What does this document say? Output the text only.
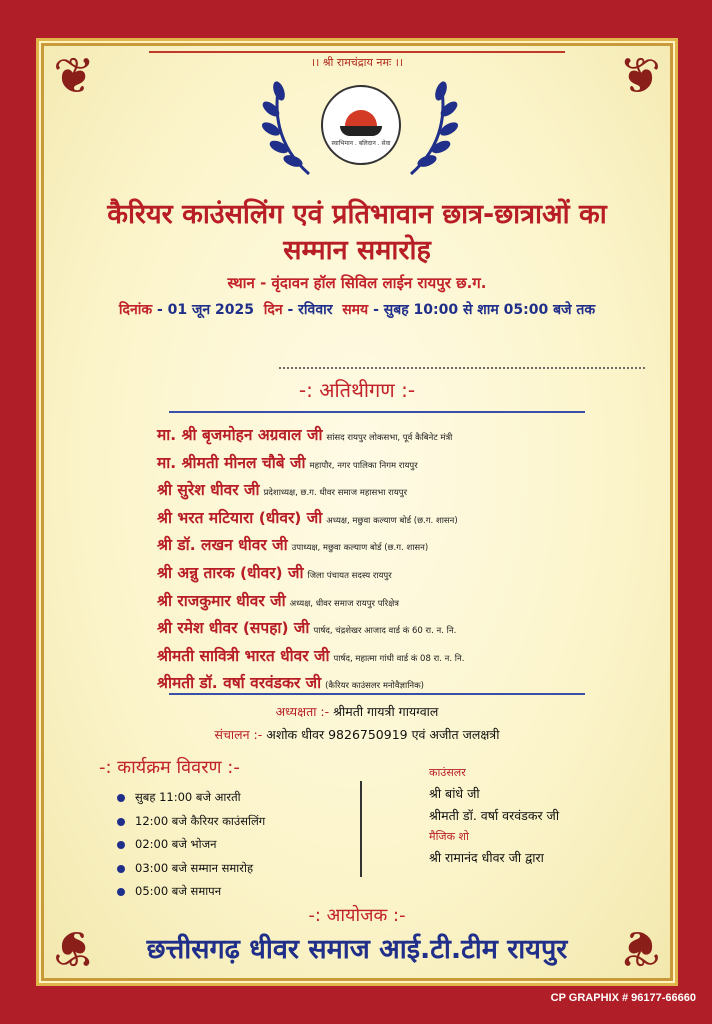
❦	❦
❦	❦
।। श्री रामचंद्राय नमः ।।
स्वाभिमान . बलिदान . सेवा
कैरियर काउंसलिंग एवं प्रतिभावान छात्र-छात्राओं का
सम्मान समारोह
स्थान - वृंदावन हॉल सिविल लाईन रायपुर छ.ग.
दिनांक - 01 जून 2025 दिन - रविवार समय - सुबह 10:00 से शाम 05:00 बजे तक
-: अतिथीगण :-
मा. श्री बृजमोहन अग्रवाल जी सांसद रायपुर लोकसभा, पूर्व कैबिनेट मंत्री
मा. श्रीमती मीनल चौबे जी महापौर, नगर पालिका निगम रायपुर
श्री सुरेश धीवर जी प्रदेशाध्यक्ष, छ.ग. धीवर समाज महासभा रायपुर
श्री भरत मटियारा (धीवर) जी अध्यक्ष, मछुवा कल्याण बोर्ड (छ.ग. शासन)
श्री डॉ. लखन धीवर जी उपाध्यक्ष, मछुवा कल्याण बोर्ड (छ.ग. शासन)
श्री अन्नु तारक (धीवर) जी जिला पंचायत सदस्य रायपुर
श्री राजकुमार धीवर जी अध्यक्ष, धीवर समाज रायपुर परिक्षेत्र
श्री रमेश धीवर (सपहा) जी पार्षद, चंद्रशेखर आजाद वार्ड कं 60 रा. न. नि.
श्रीमती सावित्री भारत धीवर जी पार्षद, महात्मा गांधी वार्ड कं 08 रा. न. नि.
श्रीमती डॉ. वर्षा वरवंडकर जी (कैरियर काउंसलर मनोवैज्ञानिक)
अध्यक्षता :- श्रीमती गायत्री गायग्वाल
संचालन :- अशोक धीवर 9826750919 एवं अजीत जलक्षत्री
-: कार्यक्रम विवरण :-
सुबह 11:00 बजे आरती
12:00 बजे कैरियर काउंसलिंग
02:00 बजे भोजन
03:00 बजे सम्मान समारोह
05:00 बजे समापन
काउंसलर
श्री बांधे जी
श्रीमती डॉ. वर्षा वरवंडकर जी
मैजिक शो
श्री रामानंद धीवर जी द्वारा
-: आयोजक :-
छत्तीसगढ़ धीवर समाज आई.टी.टीम रायपुर
CP GRAPHIX # 96177-66660
